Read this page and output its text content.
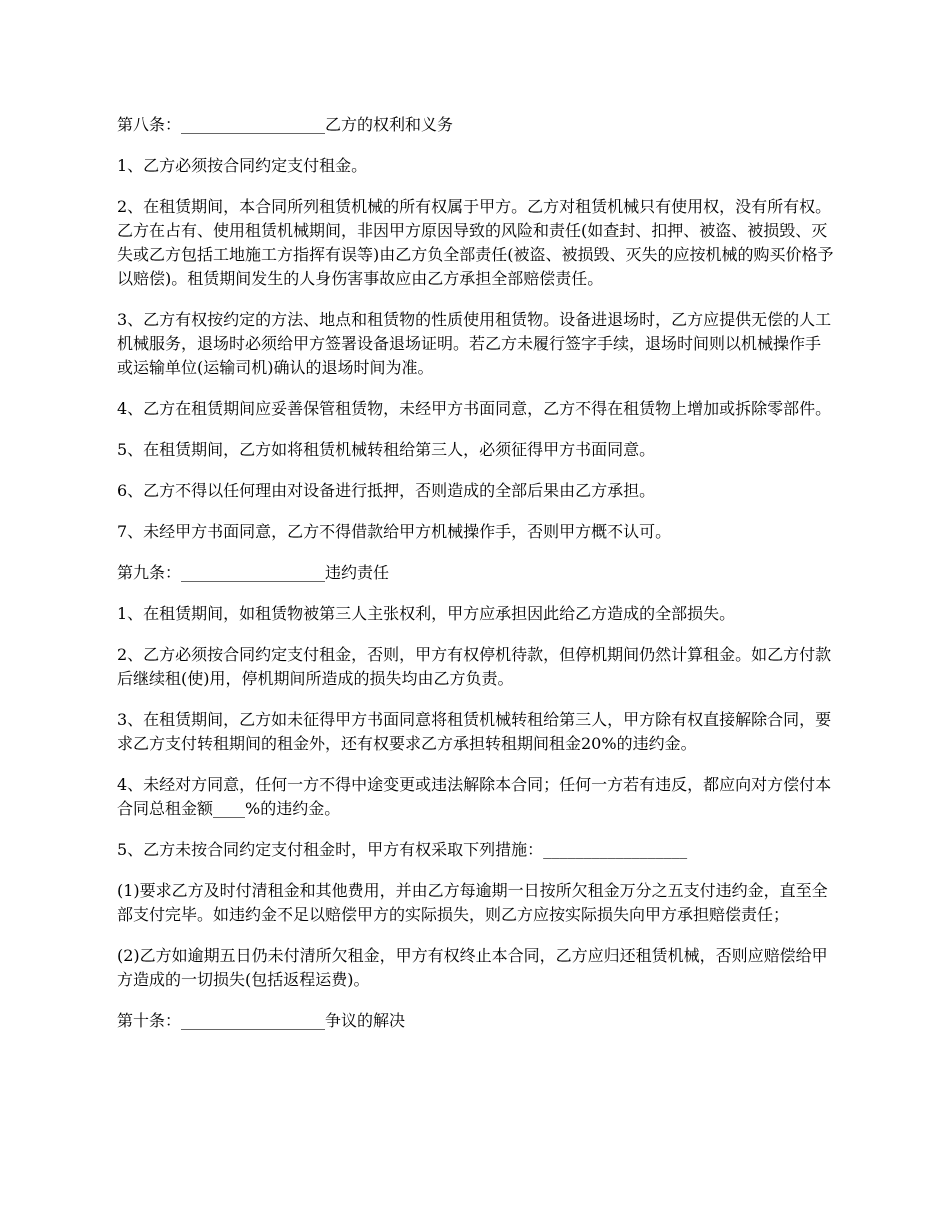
第八条：__________________乙方的权利和义务

1、乙方必须按合同约定支付租金。

2、在租赁期间，本合同所列租赁机械的所有权属于甲方。乙方对租赁机械只有使用权，没有所有权。乙方在占有、使用租赁机械期间，非因甲方原因导致的风险和责任(如查封、扣押、被盗、被损毁、灭失或乙方包括工地施工方指挥有误等)由乙方负全部责任(被盗、被损毁、灭失的应按机械的购买价格予以赔偿)。租赁期间发生的人身伤害事故应由乙方承担全部赔偿责任。

3、乙方有权按约定的方法、地点和租赁物的性质使用租赁物。设备进退场时，乙方应提供无偿的人工机械服务，退场时必须给甲方签署设备退场证明。若乙方未履行签字手续，退场时间则以机械操作手或运输单位(运输司机)确认的退场时间为准。

4、乙方在租赁期间应妥善保管租赁物，未经甲方书面同意，乙方不得在租赁物上增加或拆除零部件。

5、在租赁期间，乙方如将租赁机械转租给第三人，必须征得甲方书面同意。

6、乙方不得以任何理由对设备进行抵押，否则造成的全部后果由乙方承担。

7、未经甲方书面同意，乙方不得借款给甲方机械操作手，否则甲方概不认可。

第九条：__________________违约责任

1、在租赁期间，如租赁物被第三人主张权利，甲方应承担因此给乙方造成的全部损失。

2、乙方必须按合同约定支付租金，否则，甲方有权停机待款，但停机期间仍然计算租金。如乙方付款后继续租(使)用，停机期间所造成的损失均由乙方负责。

3、在租赁期间，乙方如未征得甲方书面同意将租赁机械转租给第三人，甲方除有权直接解除合同，要求乙方支付转租期间的租金外，还有权要求乙方承担转租期间租金20%的违约金。

4、未经对方同意，任何一方不得中途变更或违法解除本合同；任何一方若有违反，都应向对方偿付本合同总租金额____%的违约金。

5、乙方未按合同约定支付租金时，甲方有权采取下列措施：__________________

(1)要求乙方及时付清租金和其他费用，并由乙方每逾期一日按所欠租金万分之五支付违约金，直至全部支付完毕。如违约金不足以赔偿甲方的实际损失，则乙方应按实际损失向甲方承担赔偿责任；

(2)乙方如逾期五日仍未付清所欠租金，甲方有权终止本合同，乙方应归还租赁机械，否则应赔偿给甲方造成的一切损失(包括返程运费)。

第十条：__________________争议的解决
